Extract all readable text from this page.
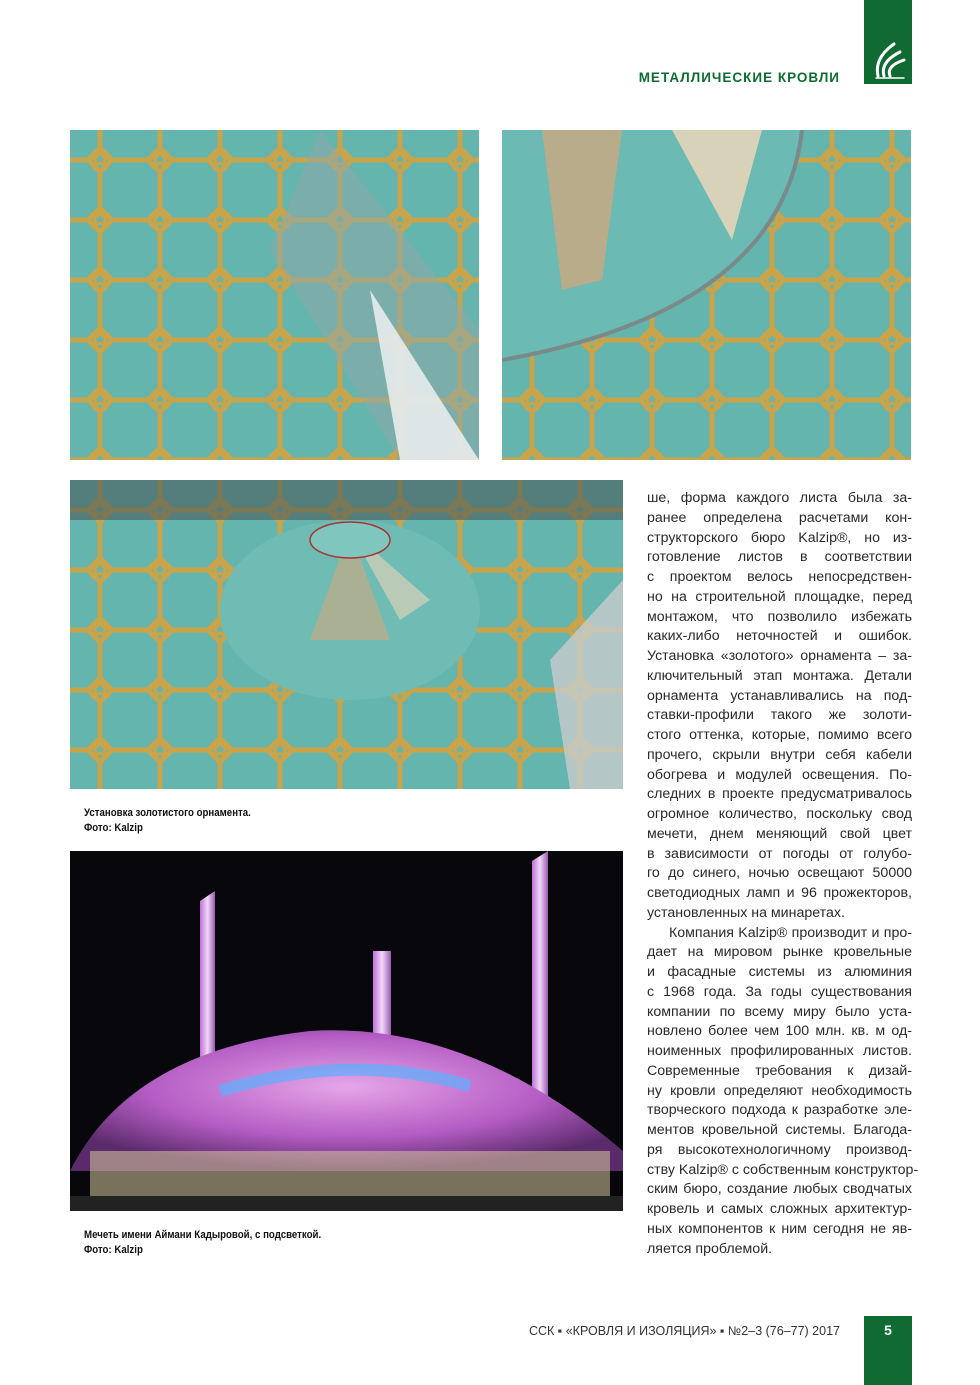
МЕТАЛЛИЧЕСКИЕ КРОВЛИ
Установка золотистого орнамента.
Фото: Kalzip
Мечеть имени Аймани Кадыровой, с подсветкой.
Фото: Kalzip
ше, форма каждого листа была за-
ранее определена расчетами кон-
структорского бюро Kalzip®, но из-
готовление листов в соответствии
с проектом велось непосредствен-
но на строительной площадке, перед
монтажом, что позволило избежать
каких-либо неточностей и ошибок.
Установка «золотого» орнамента – за-
ключительный этап монтажа. Детали
орнамента устанавливались на под-
ставки-профили такого же золоти-
стого оттенка, которые, помимо всего
прочего, скрыли внутри себя кабели
обогрева и модулей освещения. По-
следних в проекте предусматривалось
огромное количество, поскольку свод
мечети, днем меняющий свой цвет
в зависимости от погоды от голубо-
го до синего, ночью освещают 50000
светодиодных ламп и 96 прожекторов,
установленных на минаретах.
Компания Kalzip® производит и про-
дает на мировом рынке кровельные
и фасадные системы из алюминия
с 1968 года. За годы существования
компании по всему миру было уста-
новлено более чем 100 млн. кв. м од-
ноименных профилированных листов.
Современные требования к дизай-
ну кровли определяют необходимость
творческого подхода к разработке эле-
ментов кровельной системы. Благода-
ря высокотехнологичному производ-
ству Kalzip® с собственным конструктор-
ским бюро, создание любых сводчатых
кровель и самых сложных архитектур-
ных компонентов к ним сегодня не яв-
ляется проблемой.
ССК ▪ «КРОВЛЯ И ИЗОЛЯЦИЯ» ▪ №2–3 (76–77) 2017	5
